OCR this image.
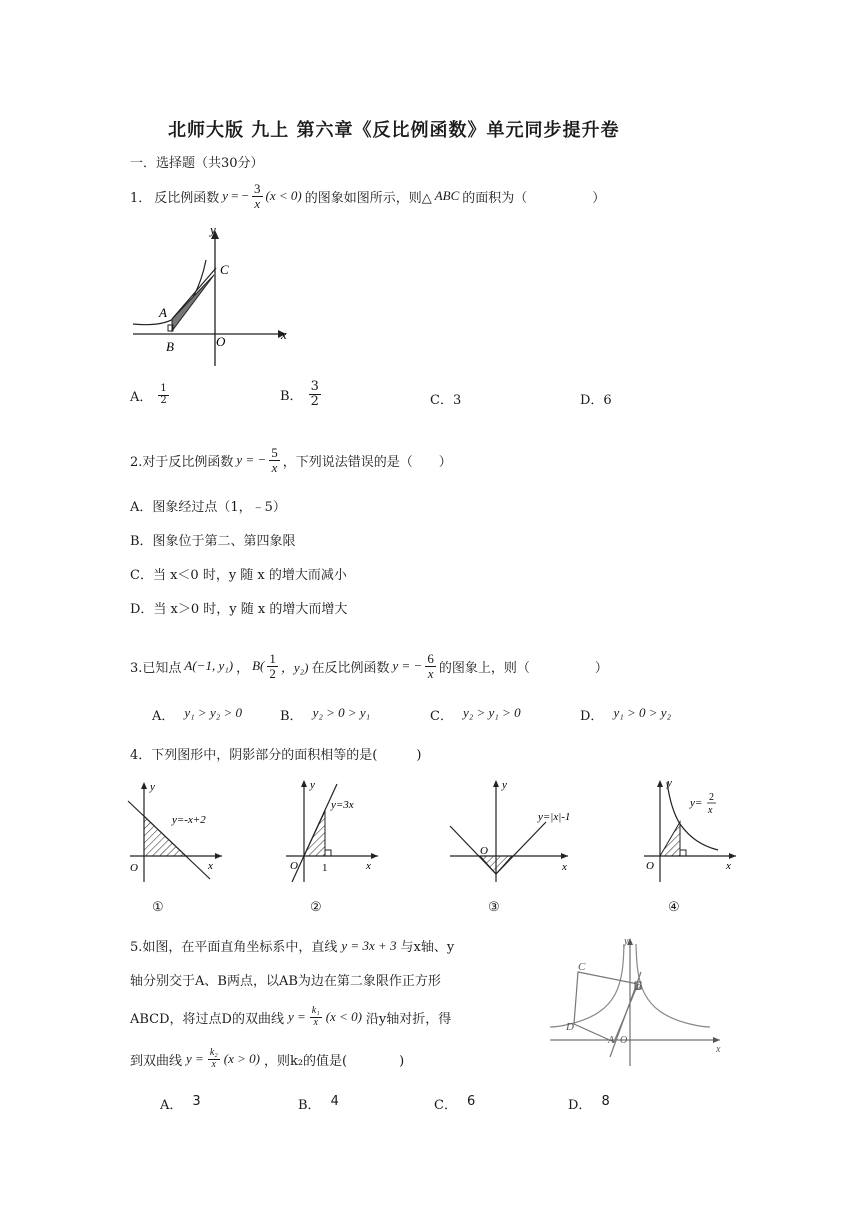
北师大版 九上 第六章《反比例函数》单元同步提升卷
一．选择题（共30分）
1． 反比例函数 y = − $\frac{3}{x} (x < 0)$ 的图象如图所示，则△ ABC 的面积为（　　　　　）
y
x
A
B
C
O
A． $\frac{1}{2}$	B． $\frac{3}{2}$	C．3	D．6
2.对于反比例函数 y = − $\frac{5}{x}$ ，下列说法错误的是（　　）
A．图象经过点（1，﹣5）
B．图象位于第二、第四象限
C．当 x＜0 时，y 随 x 的增大而减小
D．当 x＞0 时，y 随 x 的增大而增大
3.已知点 A(−1, y₁) ， $B( \frac{1}{2}$ ，y₂) 在反比例函数 y = − $\frac{6}{x}$ 的图象上，则（　　　　　）
A． y₁ > y₂ > 0	B． y₂ > 0 > y₁	C． y₂ > y₁ > 0	D． y₁ > 0 > y₂
4．下列图形中，阴影部分的面积相等的是(　　　)
y
x
O
y=-x+2
①
y
x
O 1
y=3x
②
y
x
O
y=|x|-1
③
y
x
O
y= 2
x
④
5.如图，在平面直角坐标系中，直线 y = 3x + 3 与x轴、y
轴分别交于A、B两点，以AB为边在第二象限作正方形
ABCD，将过点D的双曲线 $y = \frac{\text{k₁}}{x} (x < 0)$ 沿y轴对折，得
到双曲线 $y = \frac{\text{k₂}}{x} (x > 0)$ ，则k₂的值是(　　　　)
y
x
C
D
A O
B
A． 3	B． 4	C． 6	D． 8
